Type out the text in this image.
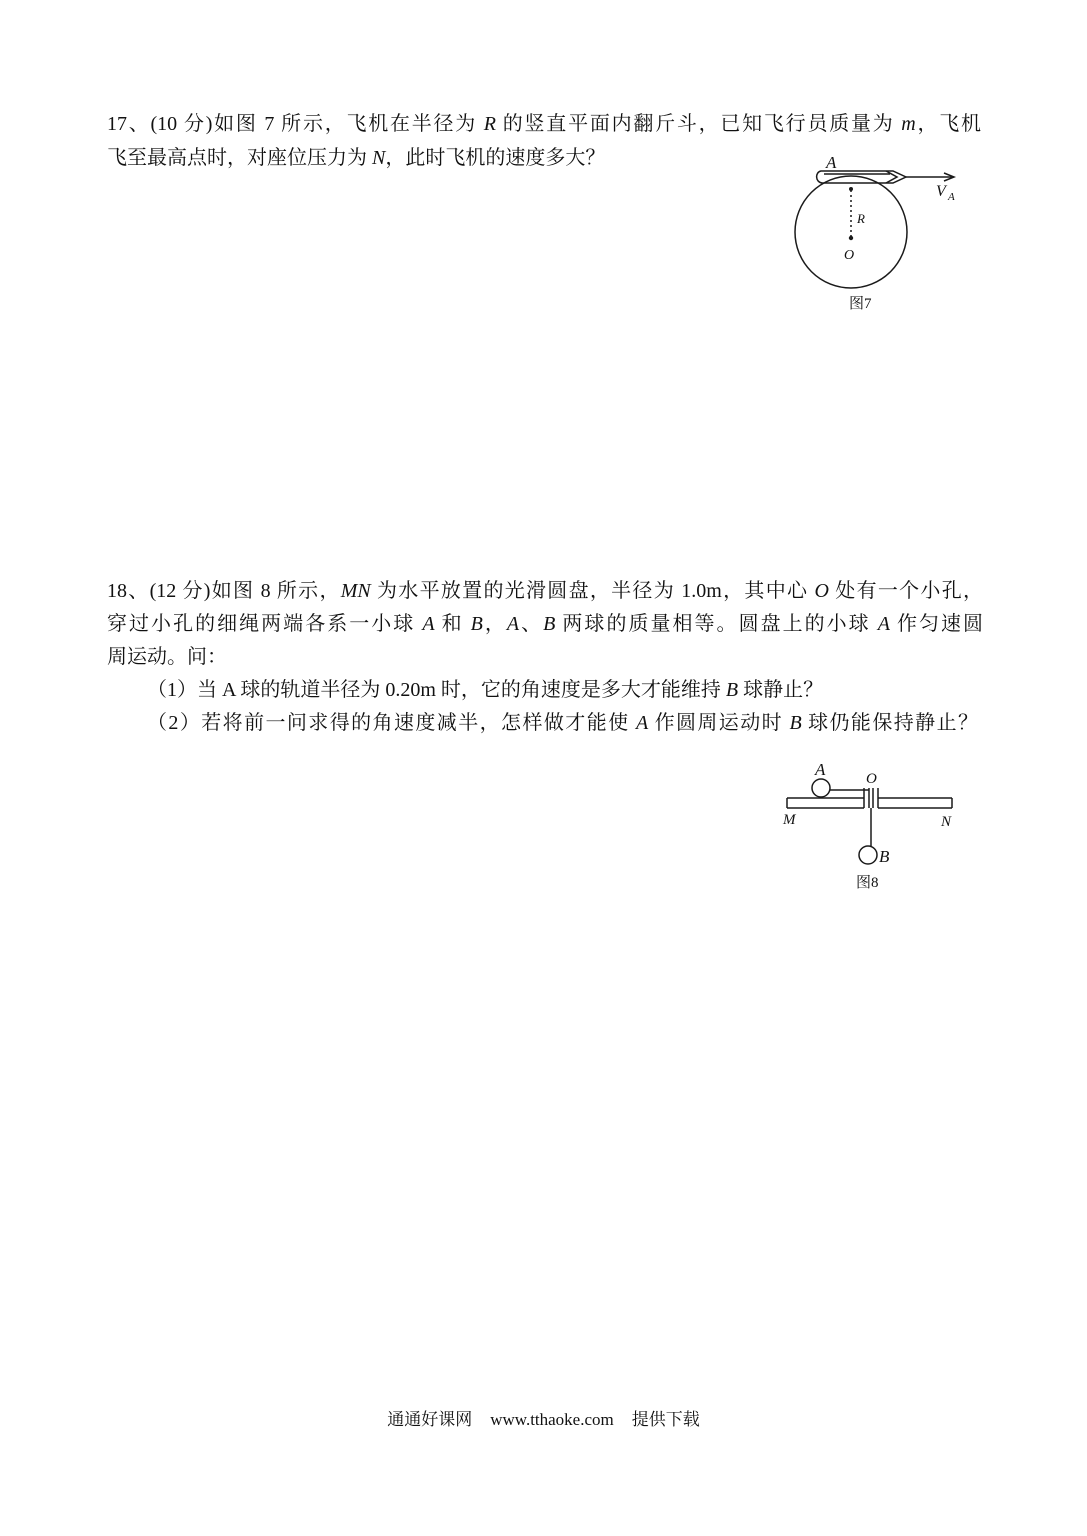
17、(10 分)如图 7 所示，飞机在半径为 R 的竖直平面内翻斤斗，已知飞行员质量为 m，飞机
飞至最高点时，对座位压力为 N，此时飞机的速度多大？	A
V A
R
O
图7
18、(12 分)如图 8 所示，MN 为水平放置的光滑圆盘，半径为 1.0m，其中心 O 处有一个小孔，
穿过小孔的细绳两端各系一小球 A 和 B，A、B 两球的质量相等。圆盘上的小球 A 作匀速圆
周运动。问：
（1）当 A 球的轨道半径为 0.20m 时，它的角速度是多大才能维持 B 球静止？
（2）若将前一问求得的角速度减半，怎样做才能使 A 作圆周运动时 B 球仍能保持静止？
A	O
M	N
B
图8
通通好课网 www.tthaoke.com 提供下载
